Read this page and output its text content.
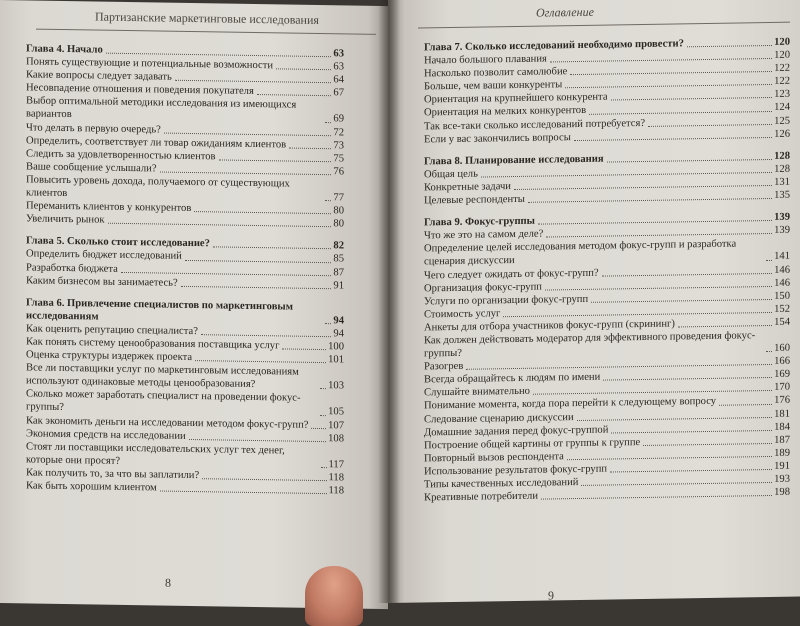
Партизанские маркетинговые исследования
Глава 4. Начало	63
Понять существующие и потенциальные возможности	63
Какие вопросы следует задавать	64
Несовпадение отношения и поведения покупателя	67
Выбор оптимальной методики исследования из имеющихся вариантов	69
Что делать в первую очередь?	72
Определить, соответствует ли товар ожиданиям клиентов	73
Следить за удовлетворенностью клиентов	75
Ваше сообщение услышали?	76
Повысить уровень дохода, получаемого от существующих клиентов	77
Переманить клиентов у конкурентов	80
Увеличить рынок	80
Глава 5. Сколько стоит исследование?	82
Определить бюджет исследований	85
Разработка бюджета	87
Каким бизнесом вы занимаетесь?	91
Глава 6. Привлечение специалистов по маркетинговым исследованиям	94
Как оценить репутацию специалиста?	94
Как понять систему ценообразования поставщика услуг	100
Оценка структуры издержек проекта	101
Все ли поставщики услуг по маркетинговым исследованиям используют одинаковые методы ценообразования?	103
Сколько может заработать специалист на проведении фокус-группы?	105
Как экономить деньги на исследовании методом фокус-групп? 107
Экономия средств на исследовании	108
Стоят ли поставщики исследовательских услуг тех денег, которые они просят?	117
Как получить то, за что вы заплатили?	118
Как быть хорошим клиентом	118
8
Оглавление
Глава 7. Сколько исследований необходимо провести?	120
Начало большого плавания	120
Насколько позволит самолюбие	122
Больше, чем ваши конкуренты	122
Ориентация на крупнейшего конкурента	123
Ориентация на мелких конкурентов	124
Так все-таки сколько исследований потребуется?	125
Если у вас закончились вопросы	126
Глава 8. Планирование исследования	128
Общая цель	128
Конкретные задачи	131
Целевые респонденты	135
Глава 9. Фокус-группы	139
Что же это на самом деле?	139
Определение целей исследования методом фокус-групп и разработка сценария дискуссии	141
Чего следует ожидать от фокус-групп?	146
Организация фокус-групп	146
Услуги по организации фокус-групп	150
Стоимость услуг	152
Анкеты для отбора участников фокус-групп (скрининг)	154
Как должен действовать модератор для эффективного проведения фокус-группы?	160
Разогрев	166
Всегда обращайтесь к людям по имени	169
Слушайте внимательно	170
Понимание момента, когда пора перейти к следующему вопросу	176
Следование сценарию дискуссии	181
Домашние задания перед фокус-группой	184
Построение общей картины от группы к группе	187
Повторный вызов респондента	189
Использование результатов фокус-групп	191
Типы качественных исследований	193
Креативные потребители	198
9
